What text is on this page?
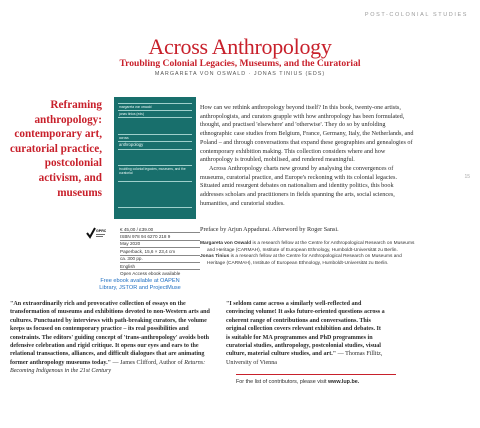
POST-COLONIAL STUDIES
Across Anthropology
Troubling Colonial Legacies, Museums, and the Curatorial
MARGARETA VON OSWALD · JONAS TINIUS (EDS)
Reframing anthropology: contemporary art, curatorial practice, postcolonial activism, and museums
margareta von oswald
jonas tinius (eds)
across
anthropology
troubling colonial legacies, museums, and the curatorial
GPRC	€ 45,00 / £39.00
ISBN 978 94 6270 218 9
May 2020
Paperback, 15,6 × 23,4 cm
ca. 300 pp.
English
Open Access ebook available
Free ebook available at OAPEN
Library, JSTOR and ProjectMuse

How can we rethink anthropology beyond itself? In this book, twenty-one artists, anthropologists, and curators grapple with how anthropology has been formulated, thought, and practised 'elsewhere' and 'otherwise'. They do so by unfolding ethnographic case studies from Belgium, France, Germany, Italy, the Netherlands, and Poland – and through conversations that expand these geographies and genealogies of contemporary exhibition making. This collection considers where and how anthropology is troubled, mobilised, and rendered meaningful.

Across Anthropology charts new ground by analysing the convergences of museums, curatorial practice, and Europe's reckoning with its colonial legacies. Situated amid resurgent debates on nationalism and identity politics, this book addresses scholars and practitioners in fields spanning the arts, social sciences, humanities, and curatorial studies.

15
Preface by Arjun Appadurai. Afterword by Roger Sansi.

Margareta von Oswald is a research fellow at the Centre for Anthropological Research on Museums and Heritage (CARMAH), Institute of European Ethnology, Humboldt-Universität zu Berlin.

Jonas Tinius is a research fellow at the Centre for Anthropological Research on Museums and Heritage (CARMAH), Institute of European Ethnology, Humboldt-Universität zu Berlin.

"An extraordinarily rich and provocative collection of essays on the transformation of museums and exhibitions devoted to non-Western arts and cultures. Punctuated by interviews with path-breaking curators, the volume keeps us focused on contemporary practice – its real possibilities and constraints. The editors' guiding concept of 'trans-anthropology' avoids both defensive celebration and rigid critique. It opens our eyes and ears to the relational transactions, alliances, and difficult dialogues that are animating former anthropology museums today." — James Clifford, Author of Returns: Becoming Indigenous in the 21st Century
"I seldom came across a similarly well-reflected and convincing volume! It asks future-oriented questions across a coherent range of contributions and conversations. This original collection covers relevant exhibition and debates. It is suitable for MA programmes and PhD programmes in curatorial studies, anthropology, postcolonial studies, visual culture, material culture studies, and art." — Thomas Fillitz, University of Vienna
For the list of contributors, please visit www.lup.be.
